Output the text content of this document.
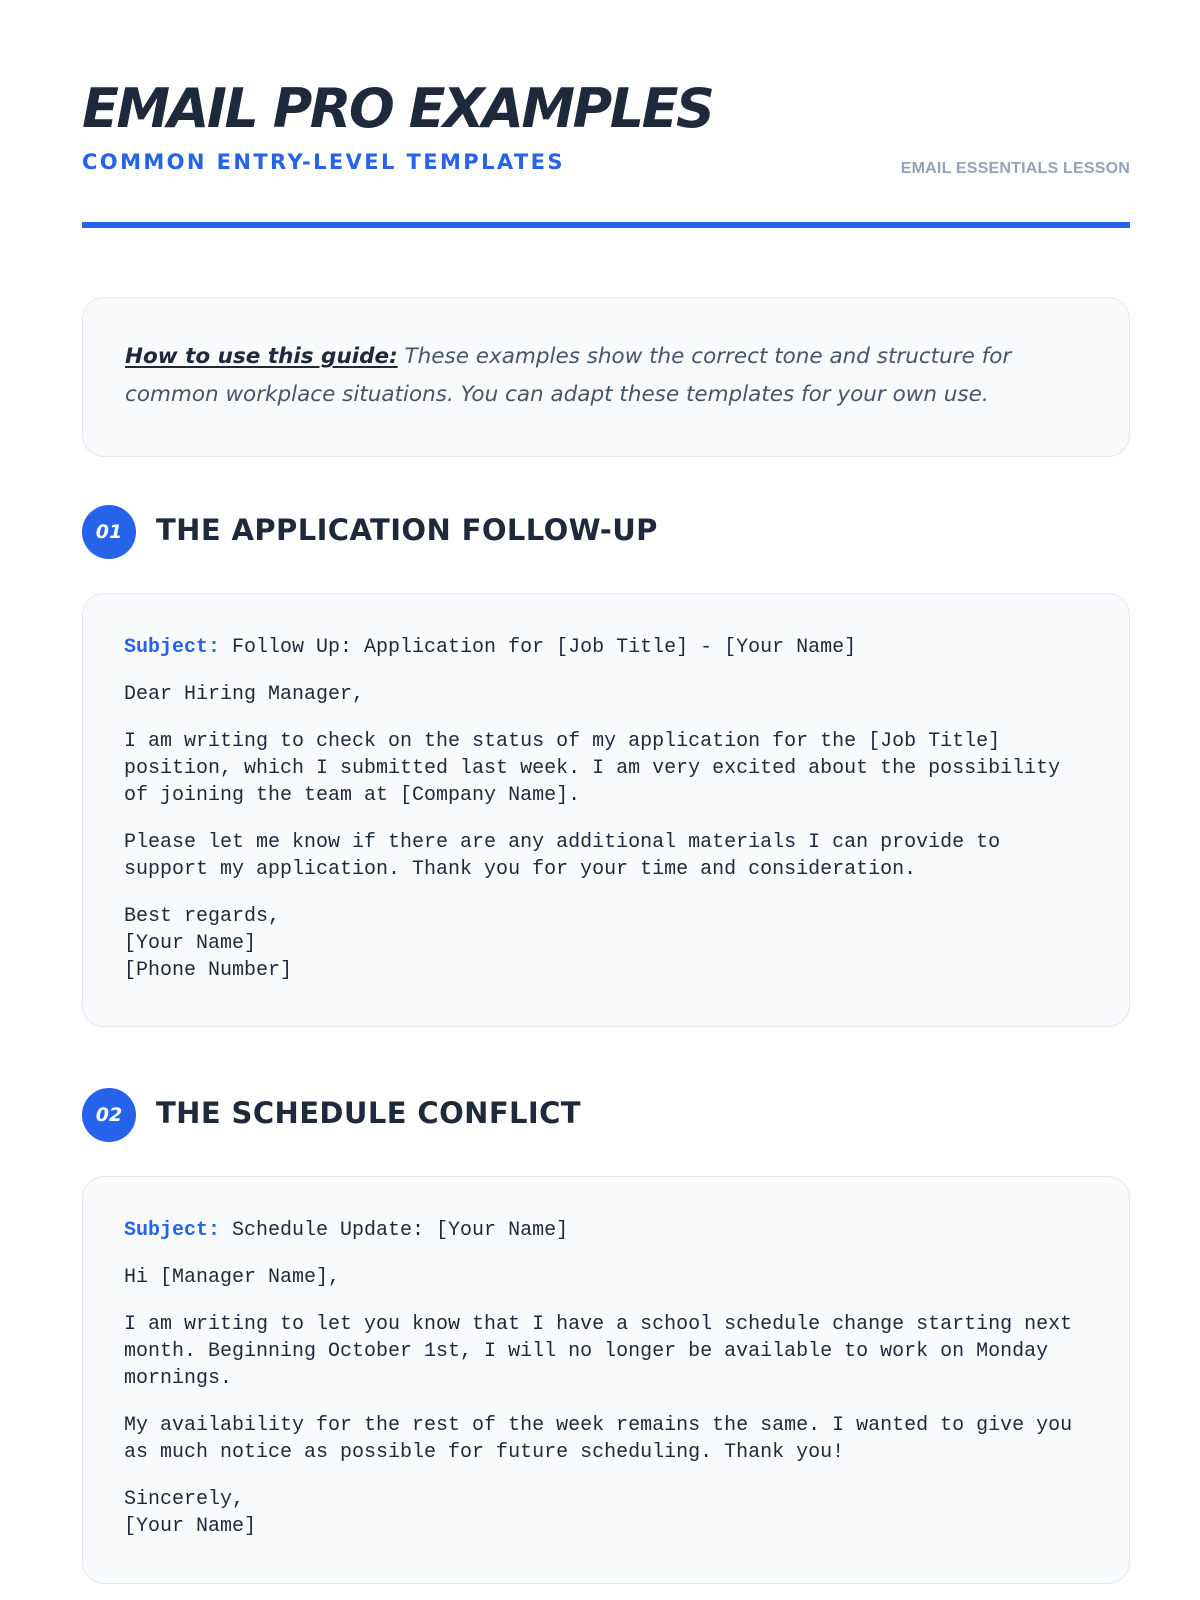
EMAIL PRO EXAMPLES
COMMON ENTRY-LEVEL TEMPLATES	EMAIL ESSENTIALS LESSON

How to use this guide: These examples show the correct tone and structure for common workplace situations. You can adapt these templates for your own use.

01	THE APPLICATION FOLLOW-UP

Subject: Follow Up: Application for [Job Title] - [Your Name]

Dear Hiring Manager,

I am writing to check on the status of my application for the [Job Title] position, which I submitted last week. I am very excited about the possibility of joining the team at [Company Name].

Please let me know if there are any additional materials I can provide to support my application. Thank you for your time and consideration.

Best regards,
[Your Name]
[Phone Number]

02	THE SCHEDULE CONFLICT

Subject: Schedule Update: [Your Name]

Hi [Manager Name],

I am writing to let you know that I have a school schedule change starting next month. Beginning October 1st, I will no longer be available to work on Monday mornings.

My availability for the rest of the week remains the same. I wanted to give you as much notice as possible for future scheduling. Thank you!

Sincerely,
[Your Name]
